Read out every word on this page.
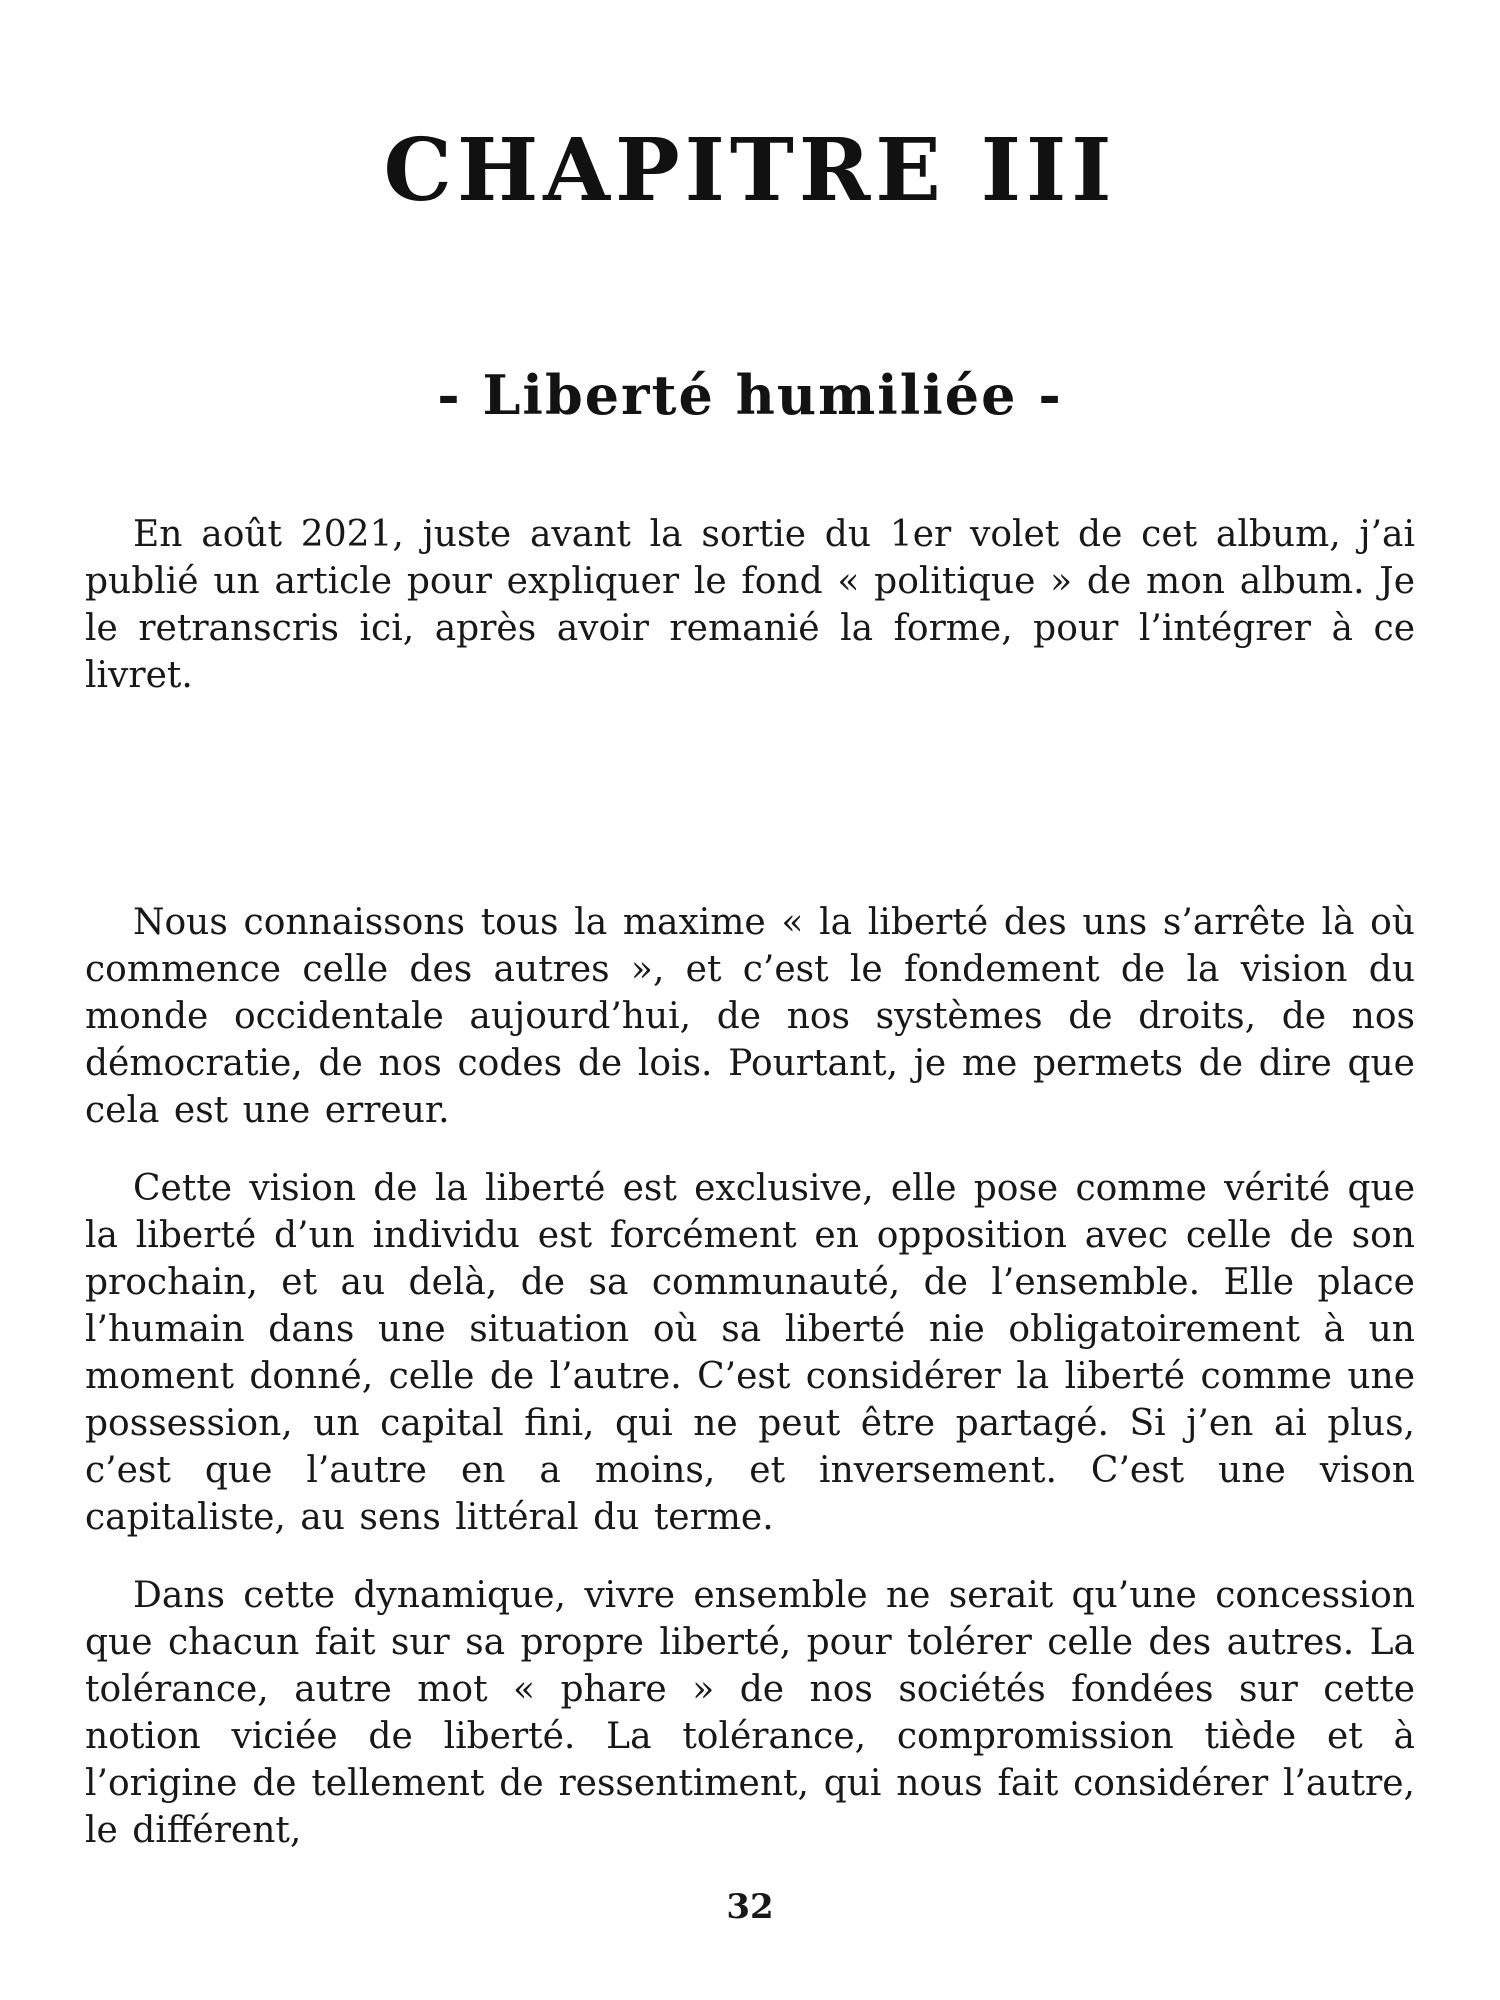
CHAPITRE III
- Liberté humiliée -

En août 2021, juste avant la sortie du 1er volet de cet album, j’ai publié un article pour expliquer le fond « politique » de mon album. Je le retranscris ici, après avoir remanié la forme, pour l’intégrer à ce livret.

Nous connaissons tous la maxime « la liberté des uns s’arrête là où commence celle des autres », et c’est le fondement de la vision du monde occidentale aujourd’hui, de nos systèmes de droits, de nos démocratie, de nos codes de lois. Pourtant, je me permets de dire que cela est une erreur.

Cette vision de la liberté est exclusive, elle pose comme vérité que la liberté d’un individu est forcément en opposition avec celle de son prochain, et au delà, de sa communauté, de l’ensemble. Elle place l’humain dans une situation où sa liberté nie obligatoirement à un moment donné, celle de l’autre. C’est considérer la liberté comme une possession, un capital fini, qui ne peut être partagé. Si j’en ai plus, c’est que l’autre en a moins, et inversement. C’est une vison capitaliste, au sens littéral du terme.

Dans cette dynamique, vivre ensemble ne serait qu’une concession que chacun fait sur sa propre liberté, pour tolérer celle des autres. La tolérance, autre mot « phare » de nos sociétés fondées sur cette notion viciée de liberté. La tolérance, compromission tiède et à l’origine de tellement de ressentiment, qui nous fait considérer l’autre, le différent,

32
